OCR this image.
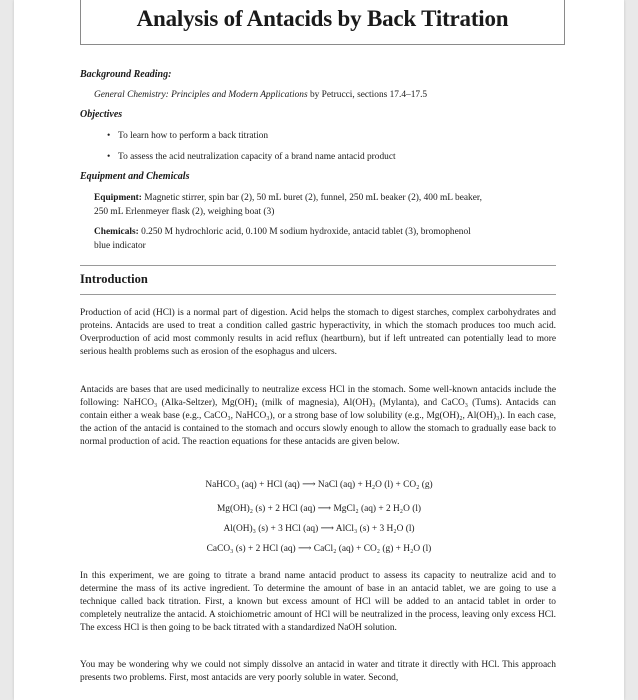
Analysis of Antacids by Back Titration
Background Reading:
General Chemistry: Principles and Modern Applications by Petrucci, sections 17.4–17.5
Objectives
• To learn how to perform a back titration
• To assess the acid neutralization capacity of a brand name antacid product
Equipment and Chemicals
Equipment: Magnetic stirrer, spin bar (2), 50 mL buret (2), funnel, 250 mL beaker (2), 400 mL beaker,
250 mL Erlenmeyer flask (2), weighing boat (3)
Chemicals: 0.250 M hydrochloric acid, 0.100 M sodium hydroxide, antacid tablet (3), bromophenol
blue indicator
Introduction

Production of acid (HCl) is a normal part of digestion. Acid helps the stomach to digest starches, complex carbohydrates and proteins. Antacids are used to treat a condition called gastric hyperactivity, in which the stomach produces too much acid. Overproduction of acid most commonly results in acid reflux (heartburn), but if left untreated can potentially lead to more serious health problems such as erosion of the esophagus and ulcers.

Antacids are bases that are used medicinally to neutralize excess HCl in the stomach. Some well-known antacids include the following: NaHCO₃ (Alka-Seltzer), Mg(OH)₂ (milk of magnesia), Al(OH)₃ (Mylanta), and CaCO₃ (Tums). Antacids can contain either a weak base (e.g., CaCO₃, NaHCO₃), or a strong base of low solubility (e.g., Mg(OH)₂, Al(OH)₃). In each case, the action of the antacid is contained to the stomach and occurs slowly enough to allow the stomach to gradually ease back to normal production of acid. The reaction equations for these antacids are given below.

NaHCO₃ (aq) + HCl (aq) ⟶ NaCl (aq) + H₂O (l) + CO₂ (g)
Mg(OH)₂ (s) + 2 HCl (aq) ⟶ MgCl₂ (aq) + 2 H₂O (l)
Al(OH)₃ (s) + 3 HCl (aq) ⟶ AlCl₃ (s) + 3 H₂O (l)
CaCO₃ (s) + 2 HCl (aq) ⟶ CaCl₂ (aq) + CO₂ (g) + H₂O (l)

In this experiment, we are going to titrate a brand name antacid product to assess its capacity to neutralize acid and to determine the mass of its active ingredient. To determine the amount of base in an antacid tablet, we are going to use a technique called back titration. First, a known but excess amount of HCl will be added to an antacid tablet in order to completely neutralize the antacid. A stoichiometric amount of HCl will be neutralized in the process, leaving only excess HCl. The excess HCl is then going to be back titrated with a standardized NaOH solution.

You may be wondering why we could not simply dissolve an antacid in water and titrate it directly with HCl. This approach presents two problems. First, most antacids are very poorly soluble in water. Second,
